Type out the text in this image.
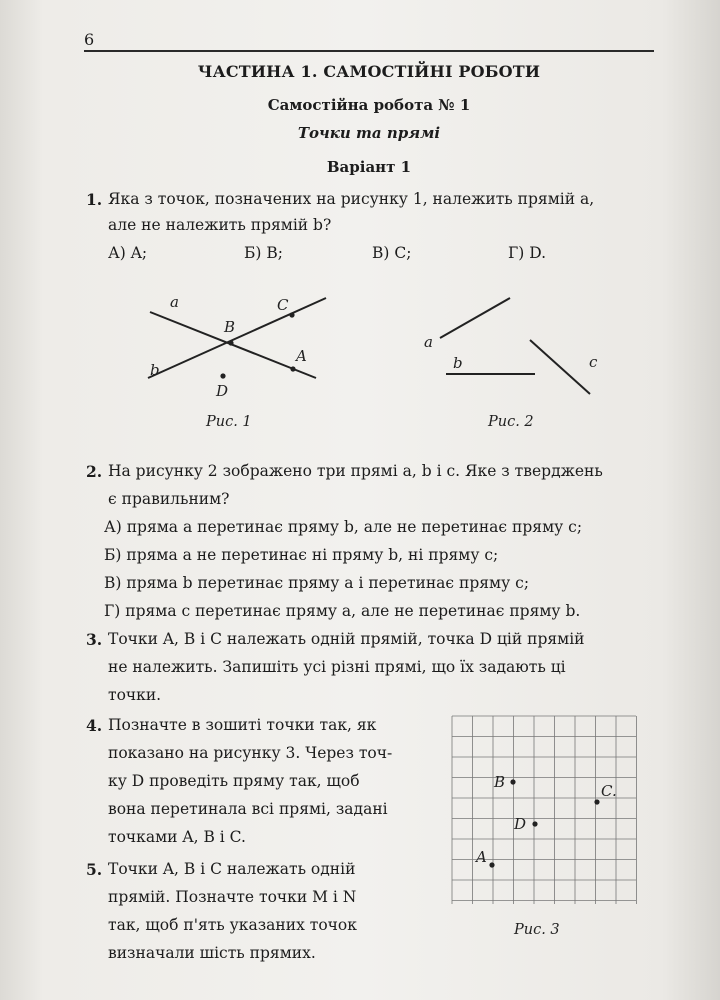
6
ЧАСТИНА 1. САМОСТІЙНІ РОБОТИ
Самостійна робота № 1
Точки та прямі
Варіант 1
1. Яка з точок, позначених на рисунку 1, належить прямій a,
але не належить прямій b?
А) A;	Б) B;	В) C;	Г) D.
a
b
B
A
C
D
Рис. 1
a
b	c
Рис. 2
2. На рисунку 2 зображено три прямі a, b і c. Яке з тверджень
є правильним?
А) пряма a перетинає пряму b, але не перетинає пряму c;
Б) пряма a не перетинає ні пряму b, ні пряму c;
В) пряма b перетинає пряму a і перетинає пряму c;
Г) пряма c перетинає пряму a, але не перетинає пряму b.
3. Точки A, B і C належать одній прямій, точка D цій прямій
не належить. Запишіть усі різні прямі, що їх задають ці
точки.
4. Позначте в зошиті точки так, як
показано на рисунку 3. Через точ-
ку D проведіть пряму так, щоб
вона перетинала всі прямі, задані
точками A, B і C.
5. Точки A, B і C належать одній
прямій. Позначте точки M і N
так, щоб п'ять указаних точок
визначали шість прямих.
B	C.
D
A
Рис. 3
